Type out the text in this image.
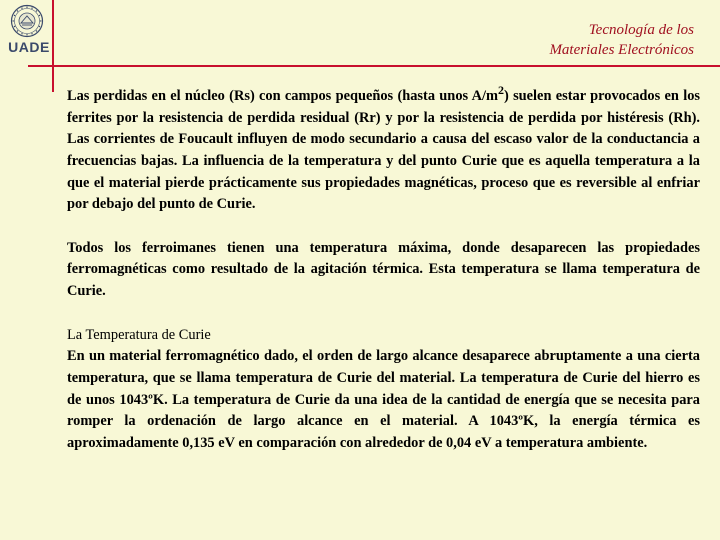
UADE
Tecnología de los
Materiales Electrónicos

Las perdidas en el núcleo (Rs) con campos pequeños (hasta unos $A/m^2$) suelen estar provocados en los ferrites por la resistencia de perdida residual (Rr) y por la resistencia de perdida por histéresis (Rh). Las corrientes de Foucault influyen de modo secundario a causa del escaso valor de la conductancia a frecuencias bajas. La influencia de la temperatura y del punto Curie que es aquella temperatura a la que el material pierde prácticamente sus propiedades magnéticas, proceso que es reversible al enfriar por debajo del punto de Curie.

Todos los ferroimanes tienen una temperatura máxima, donde desaparecen las propiedades ferromagnéticas como resultado de la agitación térmica. Esta temperatura se llama temperatura de Curie.

La Temperatura de Curie
En un material ferromagnético dado, el orden de largo alcance desaparece abruptamente a una cierta temperatura, que se llama temperatura de Curie del material. La temperatura de Curie del hierro es de unos 1043ºK. La temperatura de Curie da una idea de la cantidad de energía que se necesita para romper la ordenación de largo alcance en el material. A 1043ºK, la energía térmica es aproximadamente 0,135 eV en comparación con alrededor de 0,04 eV a temperatura ambiente.
